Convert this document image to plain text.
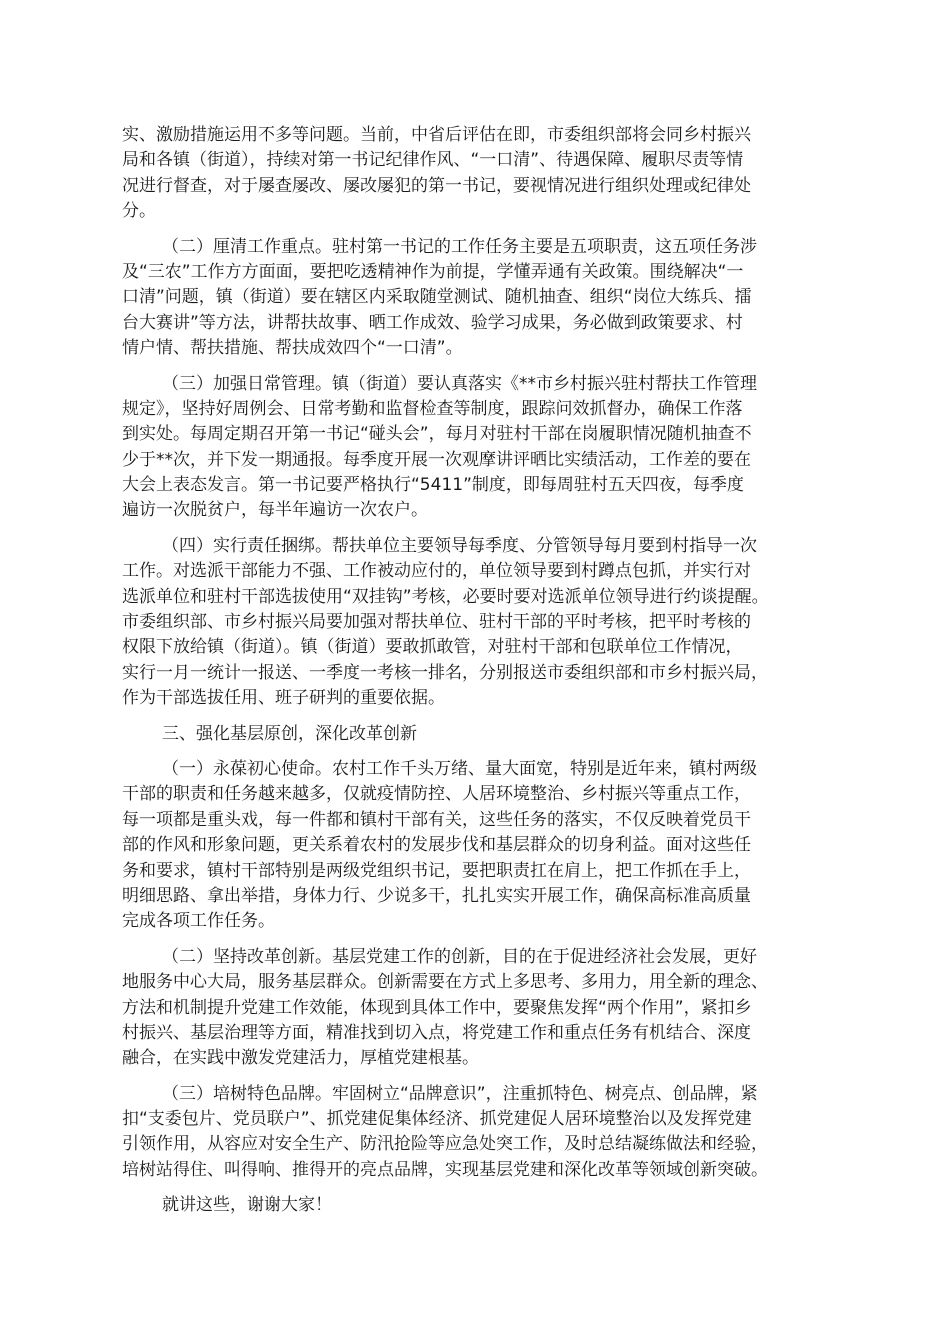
实、激励措施运用不多等问题。当前，中省后评估在即，市委组织部将会同乡村振兴
局和各镇（街道），持续对第一书记纪律作风、“一口清”、待遇保障、履职尽责等情
况进行督查，对于屡查屡改、屡改屡犯的第一书记，要视情况进行组织处理或纪律处
分。
（二）厘清工作重点。驻村第一书记的工作任务主要是五项职责，这五项任务涉
及“三农”工作方方面面，要把吃透精神作为前提，学懂弄通有关政策。围绕解决“一
口清”问题，镇（街道）要在辖区内采取随堂测试、随机抽查、组织“岗位大练兵、擂
台大赛讲”等方法，讲帮扶故事、晒工作成效、验学习成果，务必做到政策要求、村
情户情、帮扶措施、帮扶成效四个“一口清”。
（三）加强日常管理。镇（街道）要认真落实《**市乡村振兴驻村帮扶工作管理
规定》，坚持好周例会、日常考勤和监督检查等制度，跟踪问效抓督办，确保工作落
到实处。每周定期召开第一书记“碰头会”，每月对驻村干部在岗履职情况随机抽查不
少于**次，并下发一期通报。每季度开展一次观摩讲评晒比实绩活动，工作差的要在
大会上表态发言。第一书记要严格执行“5411”制度，即每周驻村五天四夜，每季度
遍访一次脱贫户，每半年遍访一次农户。
（四）实行责任捆绑。帮扶单位主要领导每季度、分管领导每月要到村指导一次
工作。对选派干部能力不强、工作被动应付的，单位领导要到村蹲点包抓，并实行对
选派单位和驻村干部选拔使用“双挂钩”考核，必要时要对选派单位领导进行约谈提醒。
市委组织部、市乡村振兴局要加强对帮扶单位、驻村干部的平时考核，把平时考核的
权限下放给镇（街道）。镇（街道）要敢抓敢管，对驻村干部和包联单位工作情况，
实行一月一统计一报送、一季度一考核一排名，分别报送市委组织部和市乡村振兴局，
作为干部选拔任用、班子研判的重要依据。
三、强化基层原创，深化改革创新
（一）永葆初心使命。农村工作千头万绪、量大面宽，特别是近年来，镇村两级
干部的职责和任务越来越多，仅就疫情防控、人居环境整治、乡村振兴等重点工作，
每一项都是重头戏，每一件都和镇村干部有关，这些任务的落实，不仅反映着党员干
部的作风和形象问题，更关系着农村的发展步伐和基层群众的切身利益。面对这些任
务和要求，镇村干部特别是两级党组织书记，要把职责扛在肩上，把工作抓在手上，
明细思路、拿出举措，身体力行、少说多干，扎扎实实开展工作，确保高标准高质量
完成各项工作任务。
（二）坚持改革创新。基层党建工作的创新，目的在于促进经济社会发展，更好
地服务中心大局，服务基层群众。创新需要在方式上多思考、多用力，用全新的理念、
方法和机制提升党建工作效能，体现到具体工作中，要聚焦发挥“两个作用”，紧扣乡
村振兴、基层治理等方面，精准找到切入点，将党建工作和重点任务有机结合、深度
融合，在实践中激发党建活力，厚植党建根基。
（三）培树特色品牌。牢固树立“品牌意识”，注重抓特色、树亮点、创品牌，紧
扣“支委包片、党员联户”、抓党建促集体经济、抓党建促人居环境整治以及发挥党建
引领作用，从容应对安全生产、防汛抢险等应急处突工作，及时总结凝练做法和经验，
培树站得住、叫得响、推得开的亮点品牌，实现基层党建和深化改革等领域创新突破。
就讲这些，谢谢大家！
